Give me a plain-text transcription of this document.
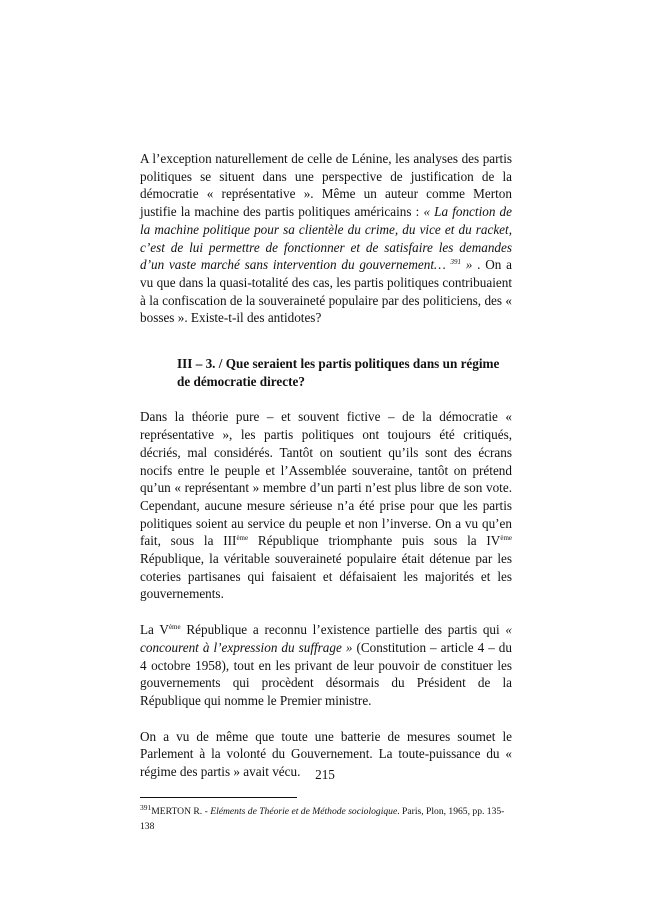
A l’exception naturellement de celle de Lénine, les analyses des partis politiques se situent dans une perspective de justification de la démocratie « représentative ». Même un auteur comme Merton justifie la machine des partis politiques américains : « La fonction de la machine politique pour sa clientèle du crime, du vice et du racket, c’est de lui permettre de fonctionner et de satisfaire les demandes d’un vaste marché sans intervention du gouvernement… $^{391}$ » . On a vu que dans la quasi-totalité des cas, les partis politiques contribuaient à la confiscation de la souveraineté populaire par des politiciens, des « bosses ». Existe-t-il des antidotes?

III – 3. / Que seraient les partis politiques dans un régime de démocratie directe?

Dans la théorie pure – et souvent fictive – de la démocratie « représentative », les partis politiques ont toujours été critiqués, décriés, mal considérés. Tantôt on soutient qu’ils sont des écrans nocifs entre le peuple et l’Assemblée souveraine, tantôt on prétend qu’un « représentant » membre d’un parti n’est plus libre de son vote. Cependant, aucune mesure sérieuse n’a été prise pour que les partis politiques soient au service du peuple et non l’inverse. On a vu qu’en fait, sous la IIIème République triomphante puis sous la IVème République, la véritable souveraineté populaire était détenue par les coteries partisanes qui faisaient et défaisaient les majorités et les gouvernements.

La Vème République a reconnu l’existence partielle des partis qui « concourent à l’expression du suffrage » (Constitution – article 4 – du 4 octobre 1958), tout en les privant de leur pouvoir de constituer les gouvernements qui procèdent désormais du Président de la République qui nomme le Premier ministre.

On a vu de même que toute une batterie de mesures soumet le Parlement à la volonté du Gouvernement. La toute-puissance du « régime des partis » avait vécu.

$^{391}$MERTON R. - Eléments de Théorie et de Méthode sociologique. Paris, Plon, 1965, pp. 135-138

215
